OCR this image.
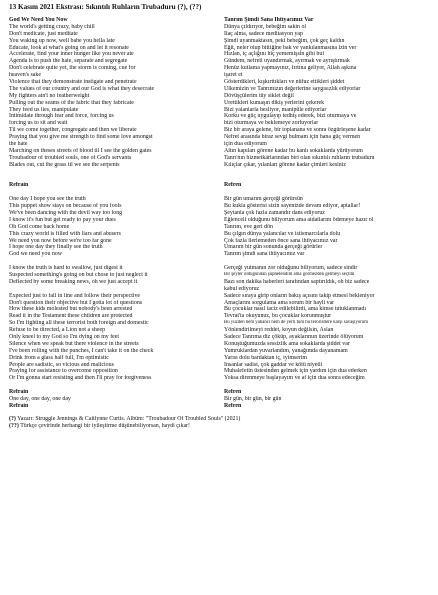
13 Kasım 2021 Ekstrası: Sıkıntılı Ruhların Trubaduru (?), (??)
God We Need You Now
The world's getting crazy, baby chill
Don't medicate, just meditate
You waking up now, well babe you hella late
Educate, look at what's going on and let it resonate
Accelerate, find your inner hunger like you never ate
Agenda is to push the hate, separate and segregate
Don't celebrate quite yet, the storm is coming, cue for
heaven's sake
Violence that they demonstrate instigate and penetrate
The values of our country and our God is what they desecrate
My fighters ain't no featherweight
Pulling out the seams of the fabric that they fabricate
They feed us lies, manipulate
Intimidate through fear and force, forcing us
forcing us to sit and wait
Til we come together, congregate and then we liberate
Praying that you give me strength to find some love amongst
the hate
Marching on theses streets of blood til I see the golden gates
Troubadour of troubled souls, one of God's servants
Blades out, cut the grass til we see the serpents
Refrain
One day I hope you see the truth
This puppet show stays on because of you fools
We've been dancing with the devil way too long
I know it's fun but get ready to pay your dues
Oh God come back home
This crazy world is filled with liars and abusers
We need you now before we're too far gone
I hope one day they finally see the truth
God we need you now
I know the truth is hard to swallow, just digest it
Suspected something's going on but chose to just neglect it
Deflected by some breaking news, oh we just accept it
Expected just to fall in line and follow their perspective
Don't question their objective but I gotta lot of questions
How these kids molested but nobody's been arrested
Read it in the Testament these children are protected
So I'm fighting all these terrorist both foreign and domestic
Refuse to be directed, a Lion not a sheep
Only kneel to my God so I'm dying on my feet
Silence when we speak but there violence in the streets
I've been rolling with the punches, I can't take it on the check
Drink from a glass half full, I'm optimistic
People are sadistic, so vicious and malicious
Praying for assistance to overcome opposition
Or I'm gonna start resisting and then I'll pray for forgiveness
Refrain
One day, one day, one day
Refrain
Tanrım Şimdi Sana İhtiyacımız Var
Dünya çıldırıyor, bebeğim sakin ol
İlaç alma, sadece meditasyon yap
Şimdi uyanmaktasın, peki bebeğim, çok geç kaldın
Eğit, neler olup bittiğine bak ve yankılanmasına izin ver
Hızlan, iç açlığını hiç yememişsin gibi bul
Gündem, nefreti uyandırmak, ayırmak ve ayrıştırmak
Henüz kutlama yapmayınız, fırtına geliyor, Allah aşkına
işaret et
Gösterdikleri, kışkırttıkları ve nüfuz ettikleri şiddet
Ülkemizin ve Tanrımızın değerlerine saygısızlık ediyorlar
Dövüşçülerim tüy siklet değil
Ürettikleri kumaşın dikiş yerlerini çekerek
Bizi yalanlarla besliyor, manipüle ediyorlar
Korku ve güç uygulayıp tedhiş ederek, bizi oturmaya ve
bizi oturmaya ve beklemeye zorluyorlar
Biz bir araya gelene, bir toplanana ve sonra özgürleşene kadar
Nefret arasında biraz sevgi bulmam için bana güç vermen
için dua ediyorum
Altın kapıları görene kadar bu kanlı sokaklarda yürüyorum
Tanrı'nın hizmetkârlarından biri olan sıkıntılı ruhların trubaduru
Kılıçlar çıkar, yılanları görene kadar çimleri kesiniz
Refren
Bir gün umarım gerçeği görürsün
Bu kukla gösterisi sizin sayenizde devam ediyor, aptallar!
Şeytanla çok fazla zamandır dans ediyoruz
Eğlenceli olduğunu biliyorum ama aidatlarını ödemeye hazır ol
Tanrım, eve geri dön
Bu çılgın dünya yalancılar ve istismarcılarla dolu
Çok fazla ilerlemeden önce sana ihtiyacımız var
Umarım bir gün sonunda gerçeği görürler
Tanrım şimdi sana ihtiyacımız var
Gerçeği yutmanın zor olduğunu biliyorum, sadece sindir
Bir şeyler olduğundan şüphelendim ama görmezden gelmeyi seçtim
Bazı son dakika haberleri tarafından saptırıldık, oh biz sadece
kabul ediyoruz
Sadece sıraya girip onların bakış açısını takip etmesi bekleniyor
Amaçlarını sorgulama ama sorum bir hayli var
Bu çocuklar nasıl taciz edilebilirdi, ama kimse tutuklanmadı
Tevrat'ta okuyunuz, bu çocuklar korunmuştur
Bu yüzden hem yabancı hem de yerli tüm bu teröristlere karşı savaşıyorum
Yönlendirilmeyi reddet, koyun değilsin, Aslan
Sadece Tanrıma diz çöküp, ayaklarımın üzerinde ölüyorum
Konuştuğumuzda sessizlik ama sokaklarda şiddet var
Yumruklardan yuvarlandım, yanağımda dayanamam
Yarısı dolu bardaktan iç, iyimserim
İnsanlar sadist, çok gaddar ve kötü niyetli
Muhalefetin üstesinden gelmek için yardım için dua ederken
Yoksa direnmeye başlayayım ve af için dua sonra edeceğim
Refren
Bir gün, bir gün, bir gün
Refren
(?) Yazarı: Struggle Jennings & Caitlynne Curtis. Albüm: "Troubadour Of Troubled Souls" (2021)
(??) Türkçe çevirinde herhangi bir iyileştirme düşünebiliyorsan, haydi çıkar!
